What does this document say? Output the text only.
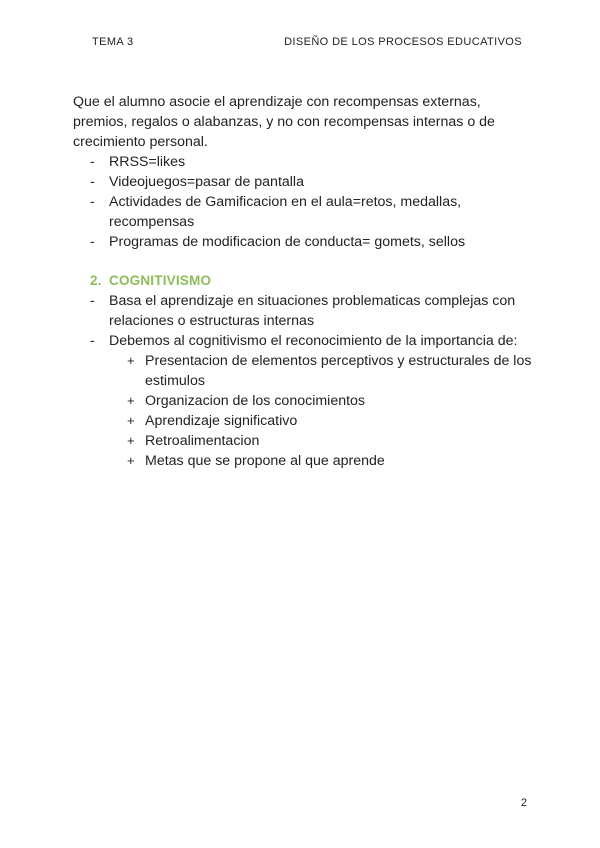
TEMA 3	DISEÑO DE LOS PROCESOS EDUCATIVOS

Que el alumno asocie el aprendizaje con recompensas externas, premios, regalos o alabanzas, y no con recompensas internas o de crecimiento personal.

- RRSS=likes
- Videojuegos=pasar de pantalla
- Actividades de Gamificacion en el aula=retos, medallas, recompensas
- Programas de modificacion de conducta= gomets, sellos
2. COGNITIVISMO
- Basa el aprendizaje en situaciones problematicas complejas con relaciones o estructuras internas
- Debemos al cognitivismo el reconocimiento de la importancia de:
+ Presentacion de elementos perceptivos y estructurales de los estimulos
+ Organizacion de los conocimientos
+ Aprendizaje significativo
+ Retroalimentacion
+ Metas que se propone al que aprende
2
